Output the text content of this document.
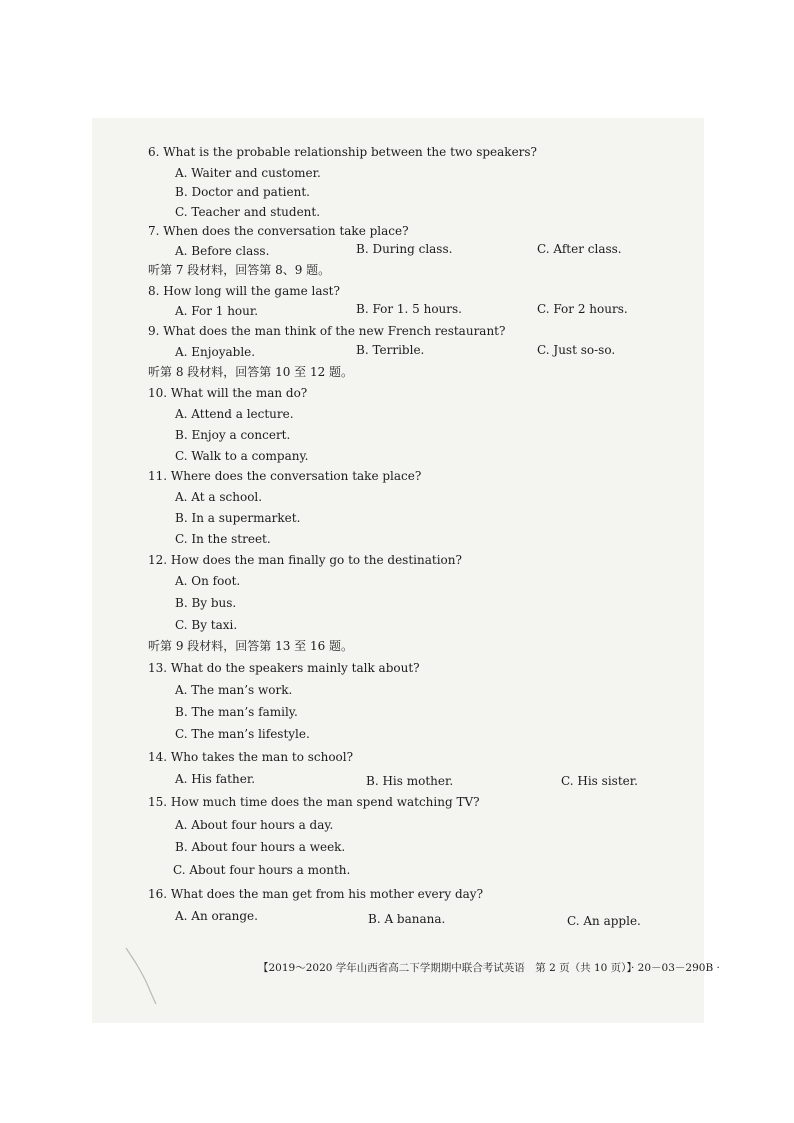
6. What is the probable relationship between the two speakers?
A. Waiter and customer.
B. Doctor and patient.
C. Teacher and student.
7. When does the conversation take place?
A. Before class.	B. During class.	C. After class.
听第 7 段材料，回答第 8、9 题。
8. How long will the game last?
A. For 1 hour.	B. For 1. 5 hours.	C. For 2 hours.
9. What does the man think of the new French restaurant?
A. Enjoyable.	B. Terrible.	C. Just so-so.
听第 8 段材料，回答第 10 至 12 题。
10. What will the man do?
A. Attend a lecture.
B. Enjoy a concert.
C. Walk to a company.
11. Where does the conversation take place?
A. At a school.
B. In a supermarket.
C. In the street.
12. How does the man finally go to the destination?
A. On foot.
B. By bus.
C. By taxi.
听第 9 段材料，回答第 13 至 16 题。
13. What do the speakers mainly talk about?
A. The man’s work.
B. The man’s family.
C. The man’s lifestyle.
14. Who takes the man to school?
A. His father.	B. His mother.	C. His sister.
15. How much time does the man spend watching TV?
A. About four hours a day.
B. About four hours a week.
C. About four hours a month.
16. What does the man get from his mother every day?
A. An orange.	B. A banana.	C. An apple.
【2019～2020 学年山西省高二下学期期中联合考试英语　第 2 页（共 10 页）】
· 20－03－290B ·
